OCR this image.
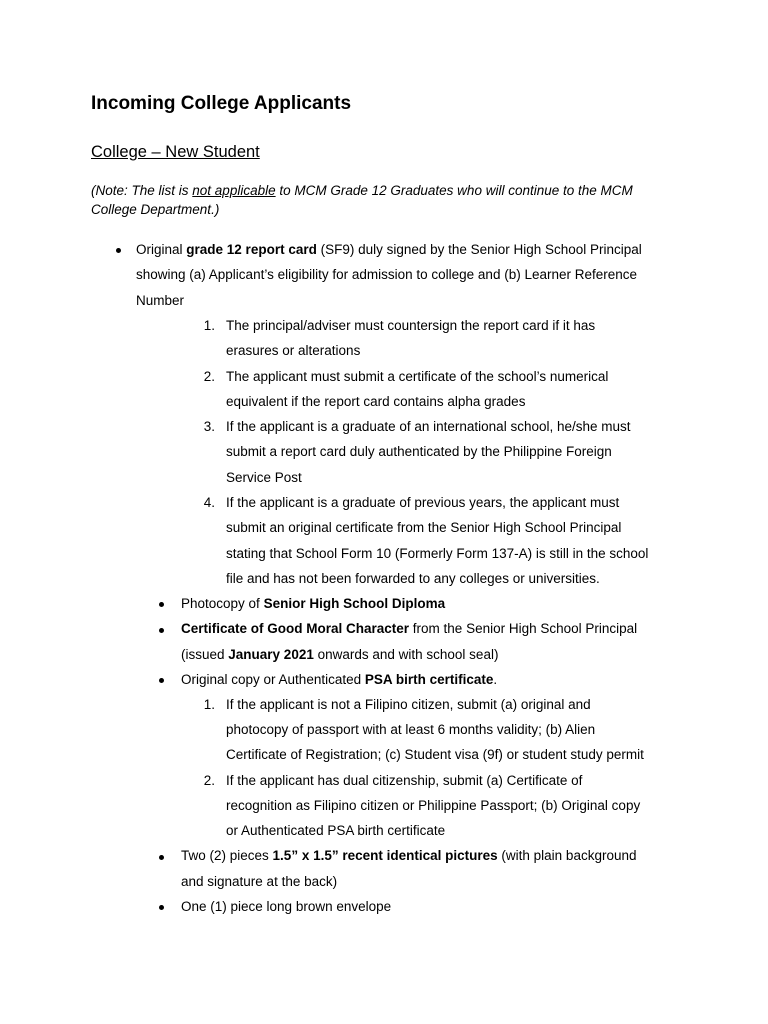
Incoming College Applicants

College – New Student

(Note: The list is not applicable to MCM Grade 12 Graduates who will continue to the MCM
College Department.)

Original grade 12 report card (SF9) duly signed by the Senior High School Principal
showing (a) Applicant’s eligibility for admission to college and (b) Learner Reference
Number
1. The principal/adviser must countersign the report card if it has
erasures or alterations
2. The applicant must submit a certificate of the school’s numerical
equivalent if the report card contains alpha grades
3. If the applicant is a graduate of an international school, he/she must
submit a report card duly authenticated by the Philippine Foreign
Service Post
4. If the applicant is a graduate of previous years, the applicant must
submit an original certificate from the Senior High School Principal
stating that School Form 10 (Formerly Form 137-A) is still in the school
file and has not been forwarded to any colleges or universities.
Photocopy of Senior High School Diploma
Certificate of Good Moral Character from the Senior High School Principal
(issued January 2021 onwards and with school seal)
Original copy or Authenticated PSA birth certificate.
1. If the applicant is not a Filipino citizen, submit (a) original and
photocopy of passport with at least 6 months validity; (b) Alien
Certificate of Registration; (c) Student visa (9f) or student study permit
2. If the applicant has dual citizenship, submit (a) Certificate of
recognition as Filipino citizen or Philippine Passport; (b) Original copy
or Authenticated PSA birth certificate
Two (2) pieces 1.5” x 1.5” recent identical pictures (with plain background
and signature at the back)
One (1) piece long brown envelope
